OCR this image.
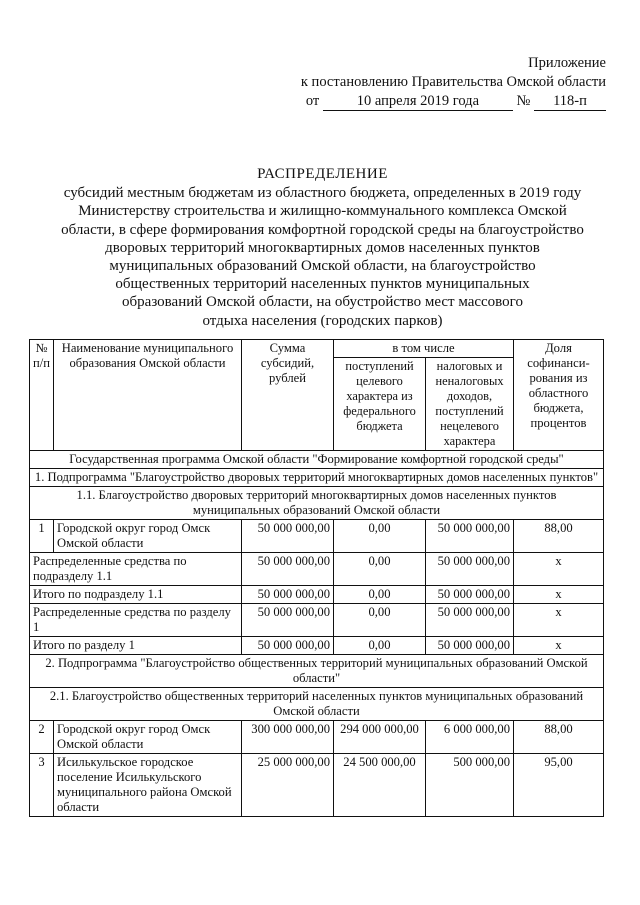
Приложение
к постановлению Правительства Омской области
от	10 апреля 2019 года	№ 118-п
РАСПРЕДЕЛЕНИЕ
субсидий местным бюджетам из областного бюджета, определенных в 2019 году
Министерству строительства и жилищно-коммунального комплекса Омской
области, в сфере формирования комфортной городской среды на благоустройство
дворовых территорий многоквартирных домов населенных пунктов
муниципальных образований Омской области, на благоустройство
общественных территорий населенных пунктов муниципальных
образований Омской области, на обустройство мест массового
отдыха населения (городских парков)
№ п/п	Наименование муниципального образования Омской области	Сумма субсидий, рублей	в том числе		Доля софинанси-рования из областного бюджета, процентов
			поступлений целевого характера из федерального бюджета	налоговых и неналоговых доходов, поступлений нецелевого характера	
Государственная программа Омской области "Формирование комфортной городской среды"					
1. Подпрограмма "Благоустройство дворовых территорий многоквартирных домов населенных пунктов"					
1.1. Благоустройство дворовых территорий многоквартирных домов населенных пунктов муниципальных образований Омской области					
1	Городской округ город Омск Омской области	50 000 000,00	0,00	50 000 000,00	88,00
Распределенные средства по подразделу 1.1		50 000 000,00	0,00	50 000 000,00	х
Итого по подразделу 1.1		50 000 000,00	0,00	50 000 000,00	х
Распределенные средства по разделу 1		50 000 000,00	0,00	50 000 000,00	х
Итого по разделу 1		50 000 000,00	0,00	50 000 000,00	х
2. Подпрограмма "Благоустройство общественных территорий муниципальных образований Омской области"					
2.1. Благоустройство общественных территорий населенных пунктов муниципальных образований Омской области					
2	Городской округ город Омск Омской области	300 000 000,00	294 000 000,00	6 000 000,00	88,00
3	Исилькульское городское поселение Исилькульского муниципального района Омской области	25 000 000,00	24 500 000,00	500 000,00	95,00
